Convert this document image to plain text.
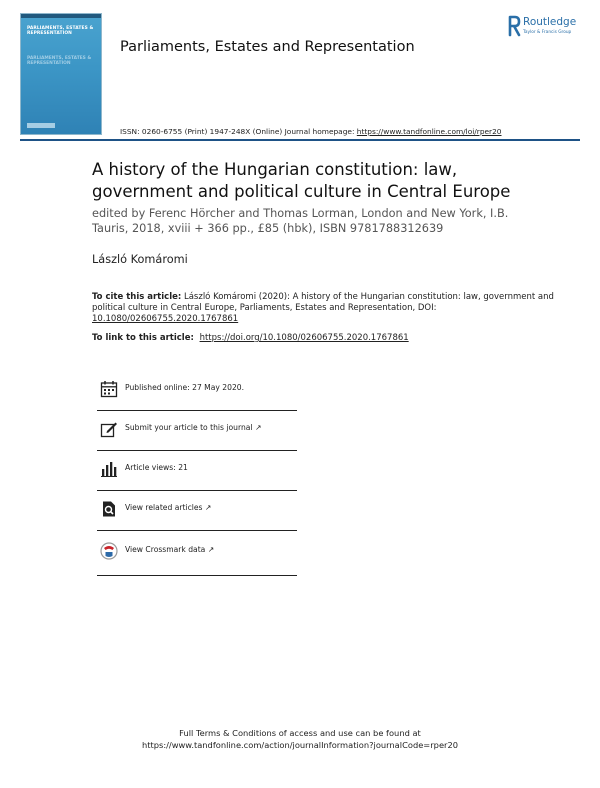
PARLIAMENTS, ESTATES & REPRESENTATION
PARLIAMENTS, ESTATES & REPRESENTATION
Parliaments, Estates and Representation
ISSN: 0260-6755 (Print) 1947-248X (Online) Journal homepage: https://www.tandfonline.com/loi/rper20
Routledge
Taylor & Francis Group
A history of the Hungarian constitution: law, government and political culture in Central Europe
edited by Ferenc Hörcher and Thomas Lorman, London and New York, I.B. Tauris, 2018, xviii + 366 pp., £85 (hbk), ISBN 9781788312639
László Komáromi
To cite this article: László Komáromi (2020): A history of the Hungarian constitution: law, government and political culture in Central Europe, Parliaments, Estates and Representation, DOI: 10.1080/02606755.2020.1767861
To link to this article:  https://doi.org/10.1080/02606755.2020.1767861
Published online: 27 May 2020.
Submit your article to this journal ↗
Article views: 21
View related articles ↗
View Crossmark data ↗
Full Terms & Conditions of access and use can be found at
https://www.tandfonline.com/action/journalInformation?journalCode=rper20
